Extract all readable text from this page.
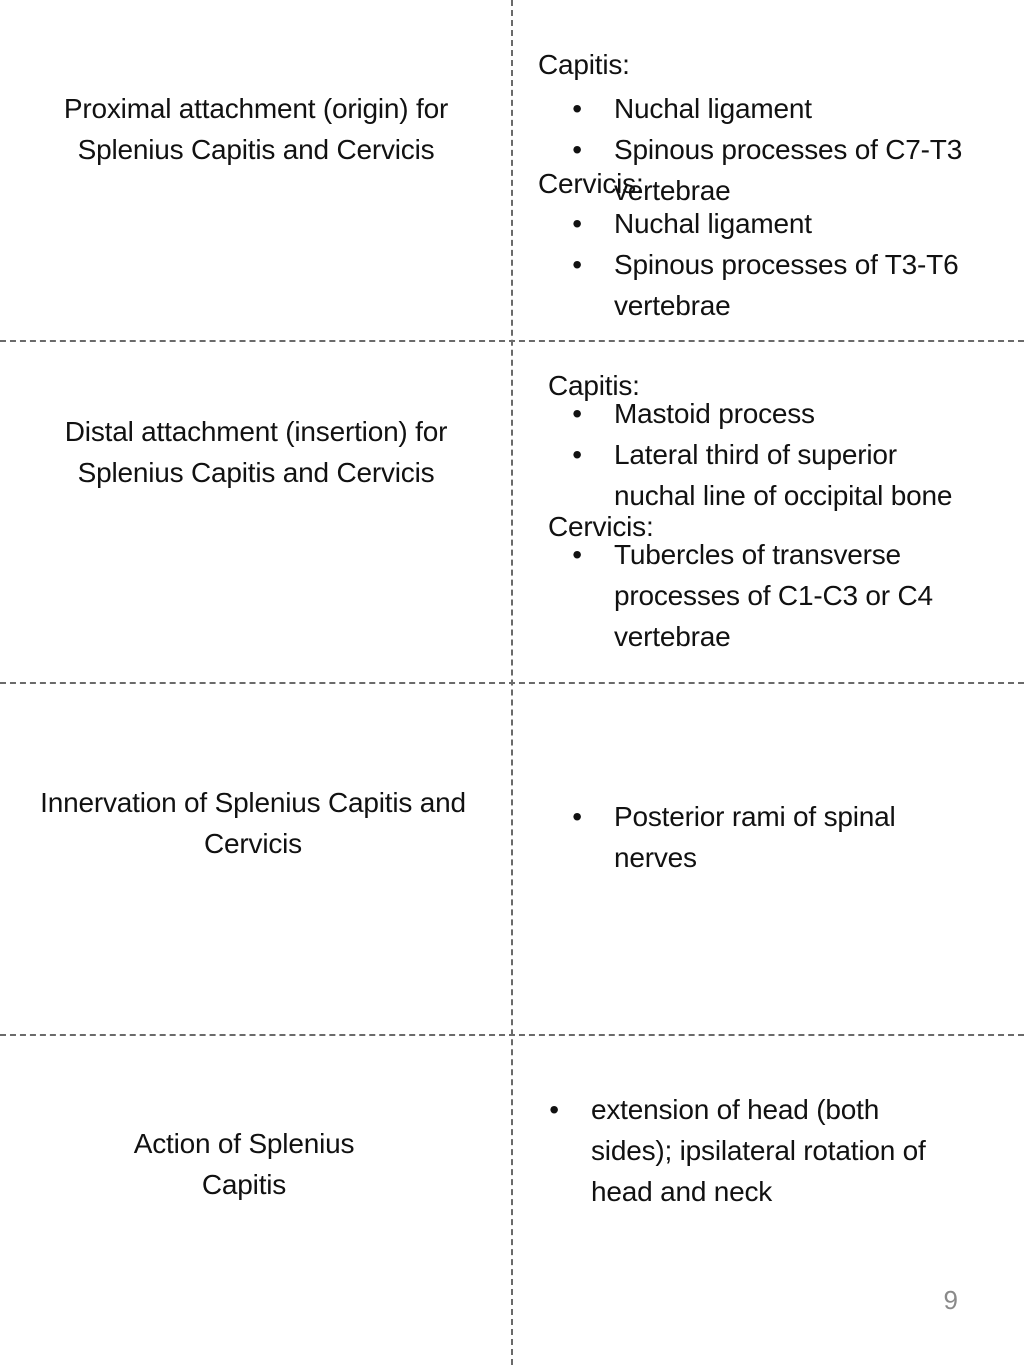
Proximal attachment (origin) for Splenius Capitis and Cervicis
Capitis:
• Nuchal ligament
• Spinous processes of C7-T3 vertebrae
Cervicis:
• Nuchal ligament
• Spinous processes of T3-T6 vertebrae
Distal attachment (insertion) for Splenius Capitis and Cervicis
Capitis:
• Mastoid process
• Lateral third of superior nuchal line of occipital bone
Cervicis:
• Tubercles of transverse processes of C1-C3 or C4 vertebrae
Innervation of Splenius Capitis and Cervicis
• Posterior rami of spinal nerves
Action of Splenius Capitis
• extension of head (both sides); ipsilateral rotation of head and neck
9
